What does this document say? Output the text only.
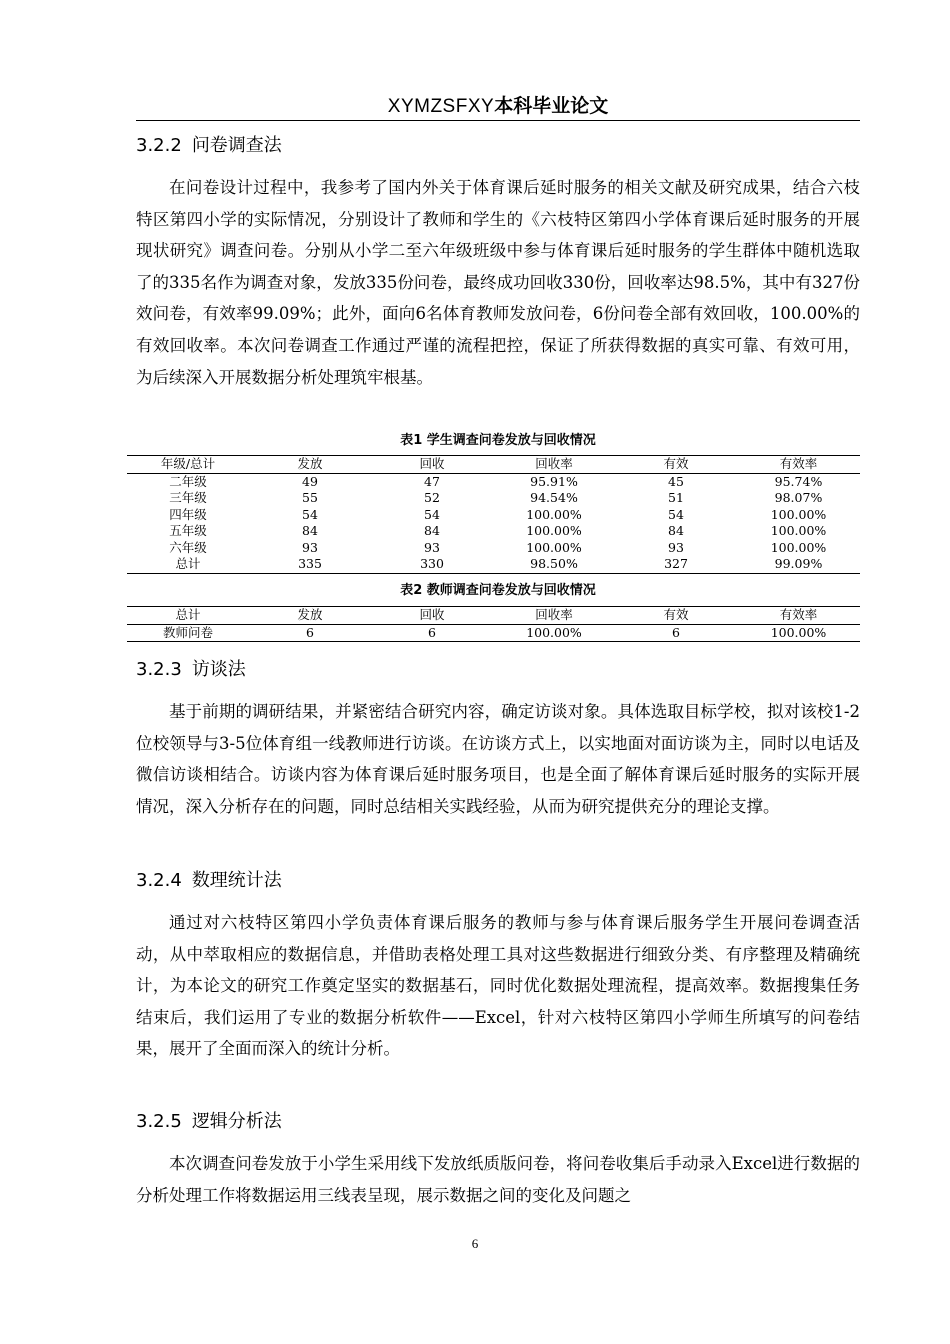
XYMZSFXY本科毕业论文
3.2.2 问卷调查法

在问卷设计过程中，我参考了国内外关于体育课后延时服务的相关文献及研究成果，结合六枝特区第四小学的实际情况，分别设计了教师和学生的《六枝特区第四小学体育课后延时服务的开展现状研究》调查问卷。分别从小学二至六年级班级中参与体育课后延时服务的学生群体中随机选取了的335名作为调查对象，发放335份问卷，最终成功回收330份，回收率达98.5%，其中有327份效问卷，有效率99.09%；此外，面向6名体育教师发放问卷，6份问卷全部有效回收，100.00%的有效回收率。本次问卷调查工作通过严谨的流程把控，保证了所获得数据的真实可靠、有效可用，为后续深入开展数据分析处理筑牢根基。

表1 学生调查问卷发放与回收情况
年级/总计	发放	回收	回收率	有效	有效率
二年级	49	47	95.91%	45	95.74%
三年级	55	52	94.54%	51	98.07%
四年级	54	54	100.00%	54	100.00%
五年级	84	84	100.00%	84	100.00%
六年级	93	93	100.00%	93	100.00%
总计	335	330	98.50%	327	99.09%
表2 教师调查问卷发放与回收情况
总计	发放	回收	回收率	有效	有效率
教师问卷	6	6	100.00%	6	100.00%
3.2.3 访谈法

基于前期的调研结果，并紧密结合研究内容，确定访谈对象。具体选取目标学校，拟对该校1-2位校领导与3-5位体育组一线教师进行访谈。在访谈方式上，以实地面对面访谈为主，同时以电话及微信访谈相结合。访谈内容为体育课后延时服务项目，也是全面了解体育课后延时服务的实际开展情况，深入分析存在的问题，同时总结相关实践经验，从而为研究提供充分的理论支撑。

3.2.4 数理统计法

通过对六枝特区第四小学负责体育课后服务的教师与参与体育课后服务学生开展问卷调查活动，从中萃取相应的数据信息，并借助表格处理工具对这些数据进行细致分类、有序整理及精确统计，为本论文的研究工作奠定坚实的数据基石，同时优化数据处理流程，提高效率。数据搜集任务结束后，我们运用了专业的数据分析软件——Excel，针对六枝特区第四小学师生所填写的问卷结果，展开了全面而深入的统计分析。

3.2.5 逻辑分析法

本次调查问卷发放于小学生采用线下发放纸质版问卷，将问卷收集后手动录入Excel进行数据的分析处理工作将数据运用三线表呈现，展示数据之间的变化及问题之

6
